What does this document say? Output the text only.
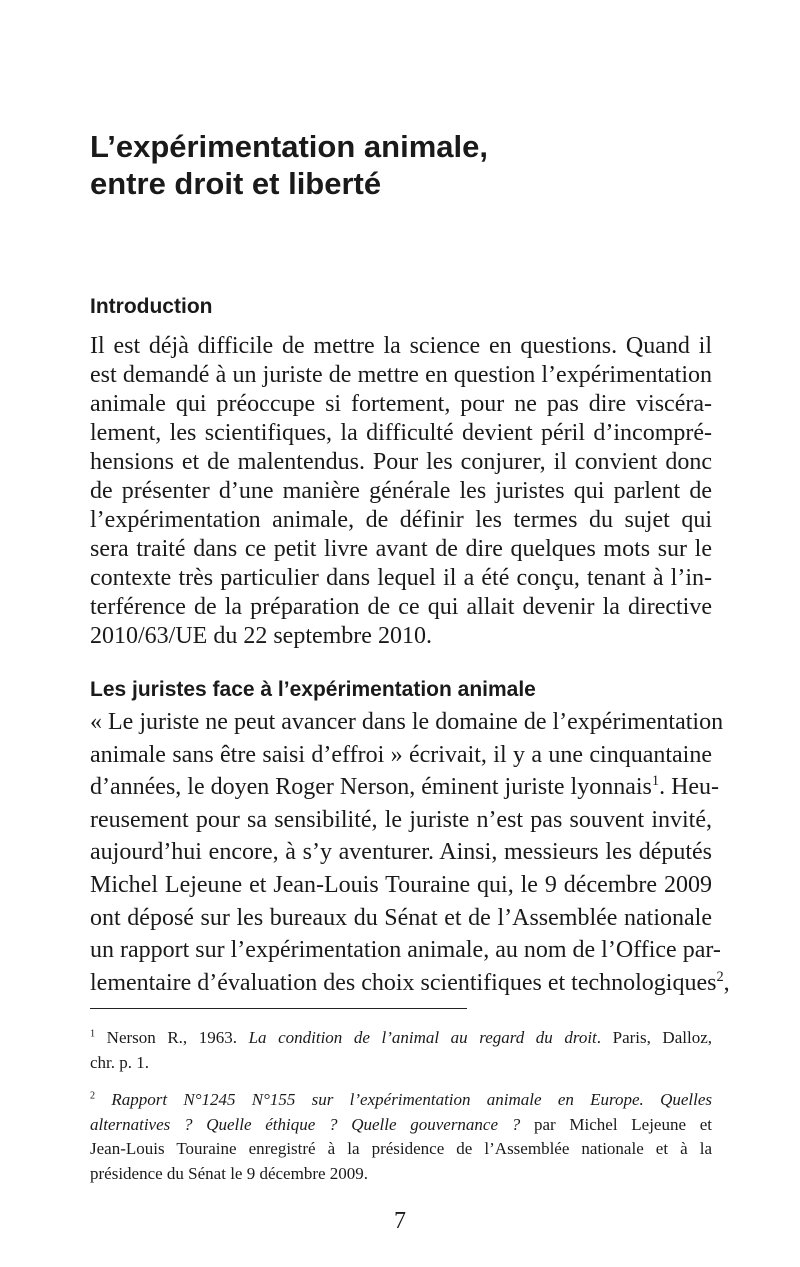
L’expérimentation animale,
entre droit et liberté
Introduction
Il est déjà difficile de mettre la science en questions. Quand il
est demandé à un juriste de mettre en question l’expérimentation
animale qui préoccupe si fortement, pour ne pas dire viscéra-
lement, les scientifiques, la difficulté devient péril d’incompré-
hensions et de malentendus. Pour les conjurer, il convient donc
de présenter d’une manière générale les juristes qui parlent de
l’expérimentation animale, de définir les termes du sujet qui
sera traité dans ce petit livre avant de dire quelques mots sur le
contexte très particulier dans lequel il a été conçu, tenant à l’in-
terférence de la préparation de ce qui allait devenir la directive
2010/63/UE du 22 septembre 2010.
Les juristes face à l’expérimentation animale
« Le juriste ne peut avancer dans le domaine de l’expérimentation
animale sans être saisi d’effroi » écrivait, il y a une cinquantaine
d’années, le doyen Roger Nerson, éminent juriste lyonnais$^1$. Heu-
reusement pour sa sensibilité, le juriste n’est pas souvent invité,
aujourd’hui encore, à s’y aventurer. Ainsi, messieurs les députés
Michel Lejeune et Jean-Louis Touraine qui, le 9 décembre 2009
ont déposé sur les bureaux du Sénat et de l’Assemblée nationale
un rapport sur l’expérimentation animale, au nom de l’Office par-
lementaire d’évaluation des choix scientifiques et technologiques$^2$,
$^1$ Nerson R., 1963. La condition de l’animal au regard du droit. Paris, Dalloz,
chr. p. 1.
$^2$ Rapport N°1245 N°155 sur l’expérimentation animale en Europe. Quelles
alternatives ? Quelle éthique ? Quelle gouvernance ? par Michel Lejeune et
Jean-Louis Touraine enregistré à la présidence de l’Assemblée nationale et à la
présidence du Sénat le 9 décembre 2009.
7
